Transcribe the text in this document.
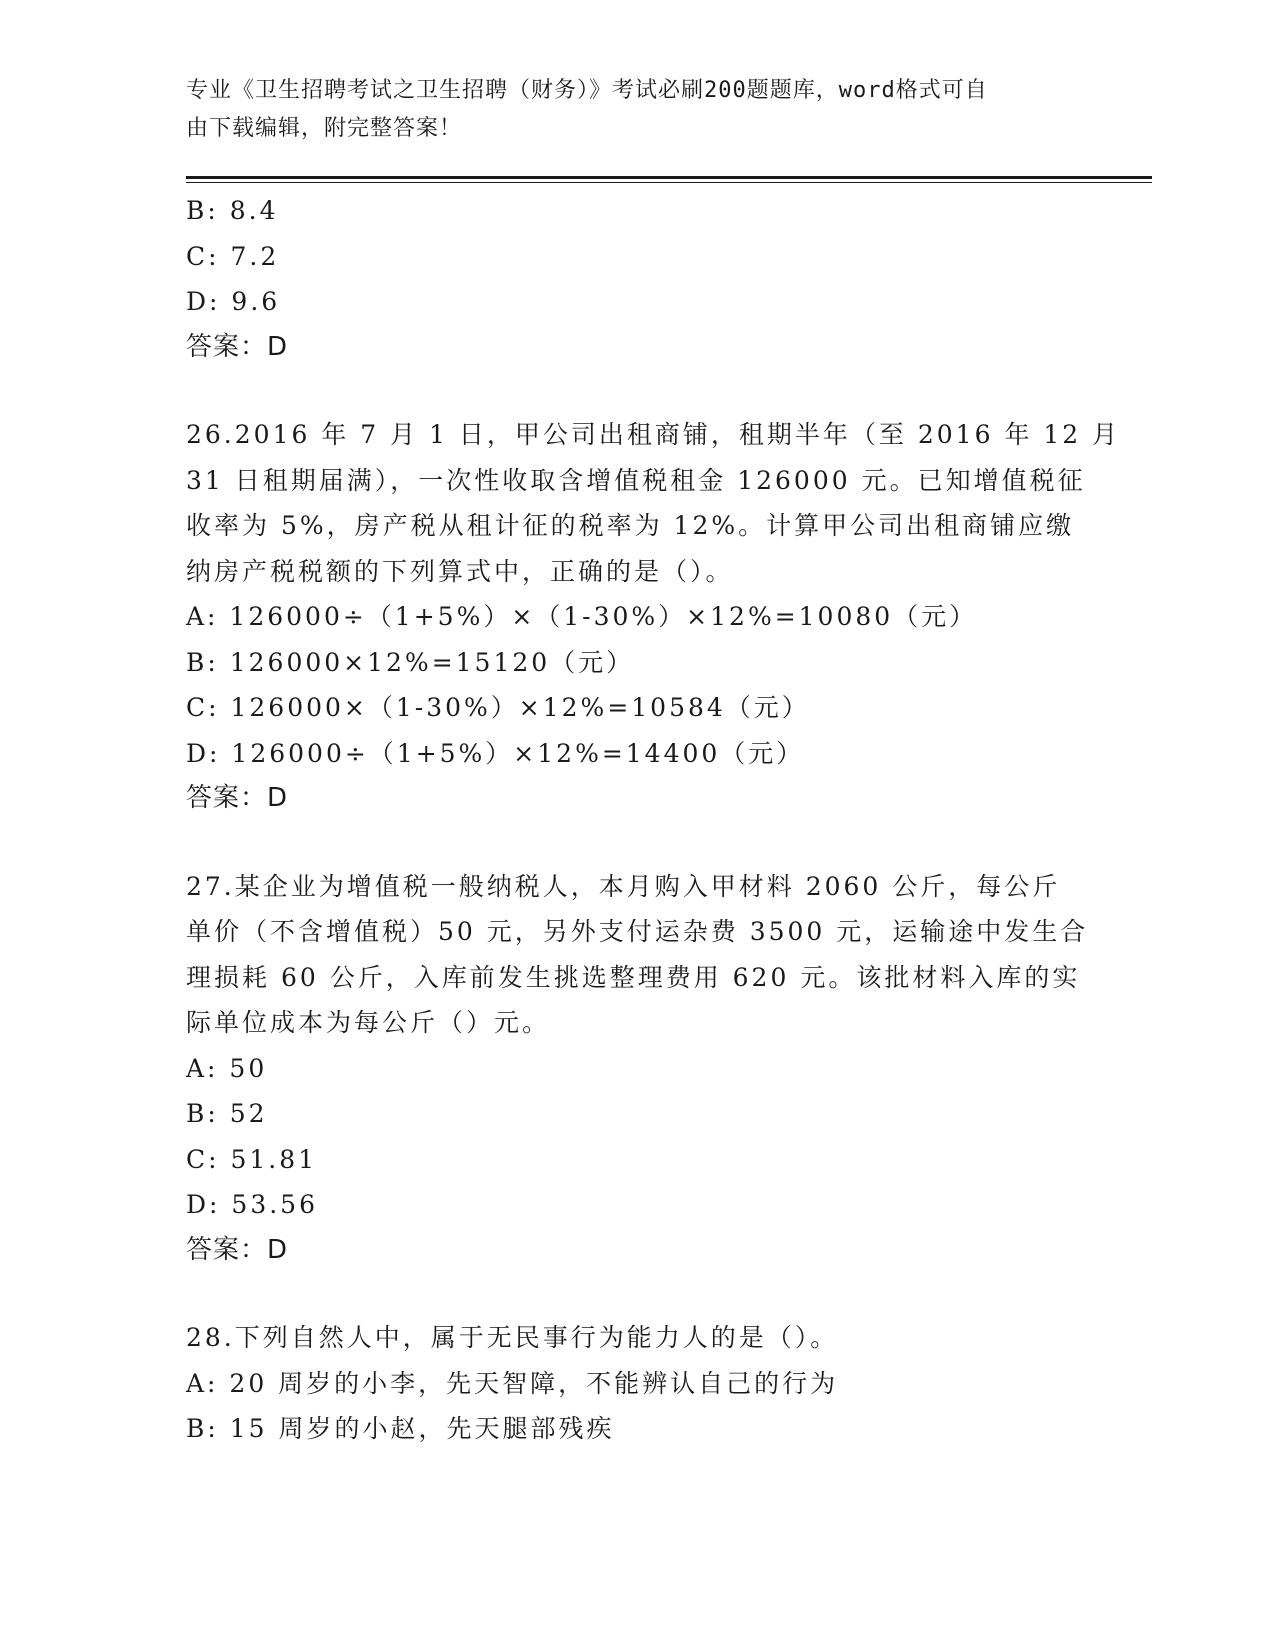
专业《卫生招聘考试之卫生招聘（财务）》考试必刷200题题库，word格式可自
由下载编辑，附完整答案！
B: 8.4
C: 7.2
D: 9.6
答案：D
26.2016 年 7 月 1 日，甲公司出租商铺，租期半年（至 2016 年 12 月
31 日租期届满），一次性收取含增值税租金 126000 元。已知增值税征
收率为 5%，房产税从租计征的税率为 12%。计算甲公司出租商铺应缴
纳房产税税额的下列算式中，正确的是（）。
A: 126000÷（1+5%）×（1-30%）×12%=10080（元）
B: 126000×12%=15120（元）
C: 126000×（1-30%）×12%=10584（元）
D: 126000÷（1+5%）×12%=14400（元）
答案：D
27.某企业为增值税一般纳税人，本月购入甲材料 2060 公斤，每公斤
单价（不含增值税）50 元，另外支付运杂费 3500 元，运输途中发生合
理损耗 60 公斤，入库前发生挑选整理费用 620 元。该批材料入库的实
际单位成本为每公斤（）元。
A: 50
B: 52
C: 51.81
D: 53.56
答案：D
28.下列自然人中，属于无民事行为能力人的是（）。
A: 20 周岁的小李，先天智障，不能辨认自己的行为
B: 15 周岁的小赵，先天腿部残疾
